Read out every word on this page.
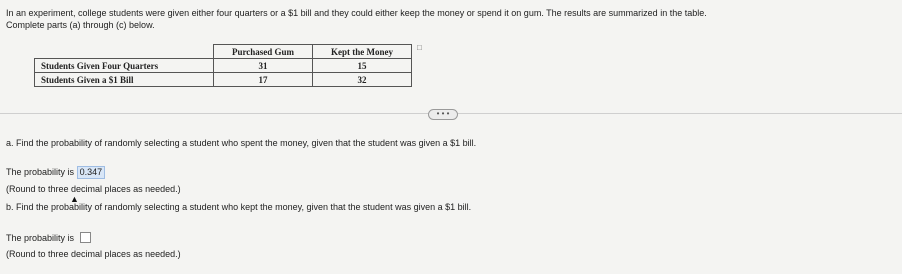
In an experiment, college students were given either four quarters or a $1 bill and they could either keep the money or spend it on gum. The results are summarized in the table.
Complete parts (a) through (c) below.
	Purchased Gum	Kept the Money
Students Given Four Quarters	31	15
Students Given a $1 Bill	17	32
□
• • •
a. Find the probability of randomly selecting a student who spent the money, given that the student was given a $1 bill.
The probability is 0.347
(Round to three decimal places as needed.)
b. Find the probability of randomly selecting a student who kept the money, given that the student was given a $1 bill.
▲
The probability is
(Round to three decimal places as needed.)
